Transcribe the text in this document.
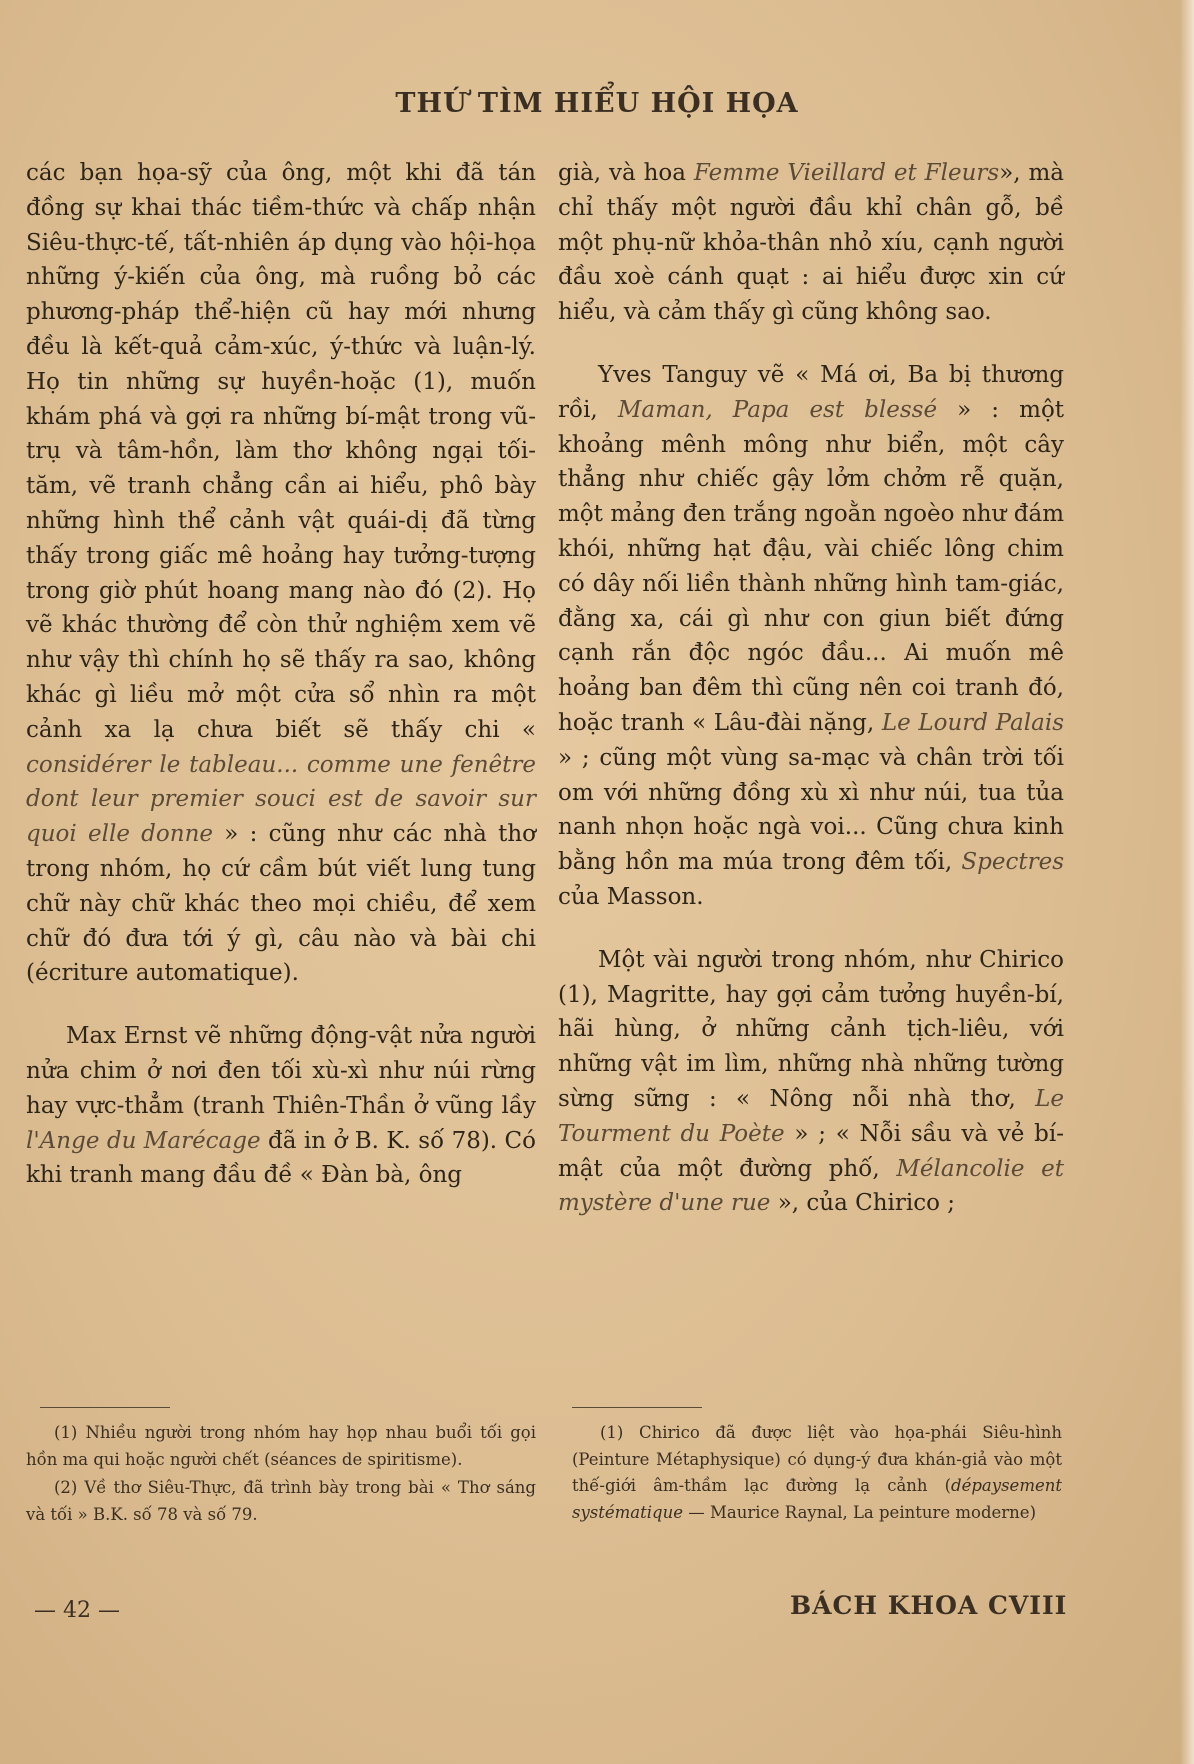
THỨ TÌM HIỂU HỘI HỌA

các bạn họa-sỹ của ông, một khi đã tán đồng sự khai thác tiềm-thức và chấp nhận Siêu-thực-tế, tất-nhiên áp dụng vào hội-họa những ý-kiến của ông, mà ruồng bỏ các phương-pháp thể-hiện cũ hay mới nhưng đều là kết-quả cảm-xúc, ý-thức và luận-lý. Họ tin những sự huyền-hoặc (1), muốn khám phá và gợi ra những bí-mật trong vũ-trụ và tâm-hồn, làm thơ không ngại tối-tăm, vẽ tranh chẳng cần ai hiểu, phô bày những hình thể cảnh vật quái-dị đã từng thấy trong giấc mê hoảng hay tưởng-tượng trong giờ phút hoang mang nào đó (2). Họ vẽ khác thường để còn thử nghiệm xem vẽ như vậy thì chính họ sẽ thấy ra sao, không khác gì liều mở một cửa sổ nhìn ra một cảnh xa lạ chưa biết sẽ thấy chi « considérer le tableau... comme une fenêtre dont leur premier souci est de savoir sur quoi elle donne » : cũng như các nhà thơ trong nhóm, họ cứ cầm bút viết lung tung chữ này chữ khác theo mọi chiều, để xem chữ đó đưa tới ý gì, câu nào và bài chi (écriture automatique).

Max Ernst vẽ những động-vật nửa người nửa chim ở nơi đen tối xù-xì như núi rừng hay vực-thẳm (tranh Thiên-Thần ở vũng lầy l'Ange du Marécage đã in ở B. K. số 78). Có khi tranh mang đầu đề « Đàn bà, ông

già, và hoa Femme Vieillard et Fleurs», mà chỉ thấy một người đầu khỉ chân gỗ, bề một phụ-nữ khỏa-thân nhỏ xíu, cạnh người đầu xoè cánh quạt : ai hiểu được xin cứ hiểu, và cảm thấy gì cũng không sao.

Yves Tanguy vẽ « Má ơi, Ba bị thương rồi, Maman, Papa est blessé » : một khoảng mênh mông như biển, một cây thẳng như chiếc gậy lởm chởm rễ quặn, một mảng đen trắng ngoằn ngoèo như đám khói, những hạt đậu, vài chiếc lông chim có dây nối liền thành những hình tam-giác, đằng xa, cái gì như con giun biết đứng cạnh rắn độc ngóc đầu... Ai muốn mê hoảng ban đêm thì cũng nên coi tranh đó, hoặc tranh « Lâu-đài nặng, Le Lourd Palais » ; cũng một vùng sa-mạc và chân trời tối om với những đồng xù xì như núi, tua tủa nanh nhọn hoặc ngà voi... Cũng chưa kinh bằng hồn ma múa trong đêm tối, Spectres của Masson.

Một vài người trong nhóm, như Chirico (1), Magritte, hay gợi cảm tưởng huyền-bí, hãi hùng, ở những cảnh tịch-liêu, với những vật im lìm, những nhà những tường sừng sững : « Nông nỗi nhà thơ, Le Tourment du Poète » ; « Nỗi sầu và vẻ bí-mật của một đường phố, Mélancolie et mystère d'une rue », của Chirico ;

(1) Nhiều người trong nhóm hay họp nhau buổi tối gọi hồn ma qui hoặc người chết (séances de spiritisme).

(2) Về thơ Siêu-Thực, đã trình bày trong bài « Thơ sáng và tối » B.K. số 78 và số 79.

(1) Chirico đã được liệt vào họa-phái Siêu-hình (Peinture Métaphysique) có dụng-ý đưa khán-giả vào một thế-giới âm-thầm lạc đường lạ cảnh (dépaysement systématique — Maurice Raynal, La peinture moderne)

— 42 —	BÁCH KHOA CVIII
